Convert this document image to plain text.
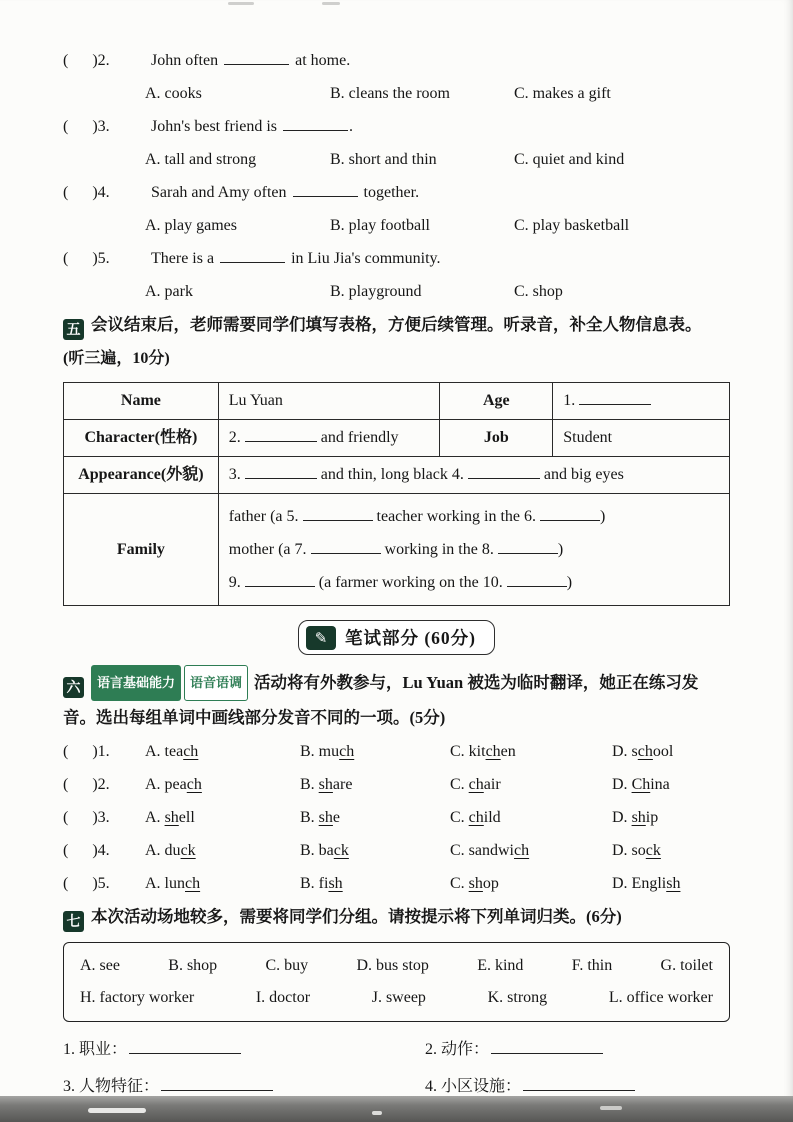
(      )2.	John often	at home.
A. cooks	B. cleans the room	C. makes a gift
(      )3.	John's best friend is	.
A. tall and strong	B. short and thin	C. quiet and kind
(      )4.	Sarah and Amy often	together.
A. play games	B. play football	C. play basketball
(      )5.	There is a	in Liu Jia's community.
A. park	B. playground	C. shop
五 会议结束后，老师需要同学们填写表格，方便后续管理。听录音，补全人物信息表。
(听三遍，10分)
Name	Lu Yuan	Age	1.
Character(性格)	2. and friendly	Job	Student
Appearance(外貌)	3. and thin, long black 4. and big eyes		
Family	father (a 5. teacher working in the 6. )
mother (a 7. working in the 8. )
9. (a farmer working on the 10. )		
✎	笔试部分 (60分)
六 语言基础能力 语音语调 活动将有外教参与，Lu Yuan 被选为临时翻译，她正在练习发音。选出每组单词中画线部分发音不同的一项。(5分)
(      )1.	A. teach	B. much	C. kitchen	D. school
(      )2.	A. peach	B. share	C. chair	D. China
(      )3.	A. shell	B. she	C. child	D. ship
(      )4.	A. duck	B. back	C. sandwich	D. sock
(      )5.	A. lunch	B. fish	C. shop	D. English
七 本次活动场地较多，需要将同学们分组。请按提示将下列单词归类。(6分)
A. see	B. shop	C. buy	D. bus stop	E. kind	F. thin	G. toilet
H. factory worker	I. doctor	J. sweep	K. strong	L. office worker
1. 职业：	2. 动作：
3. 人物特征：	4. 小区设施：
